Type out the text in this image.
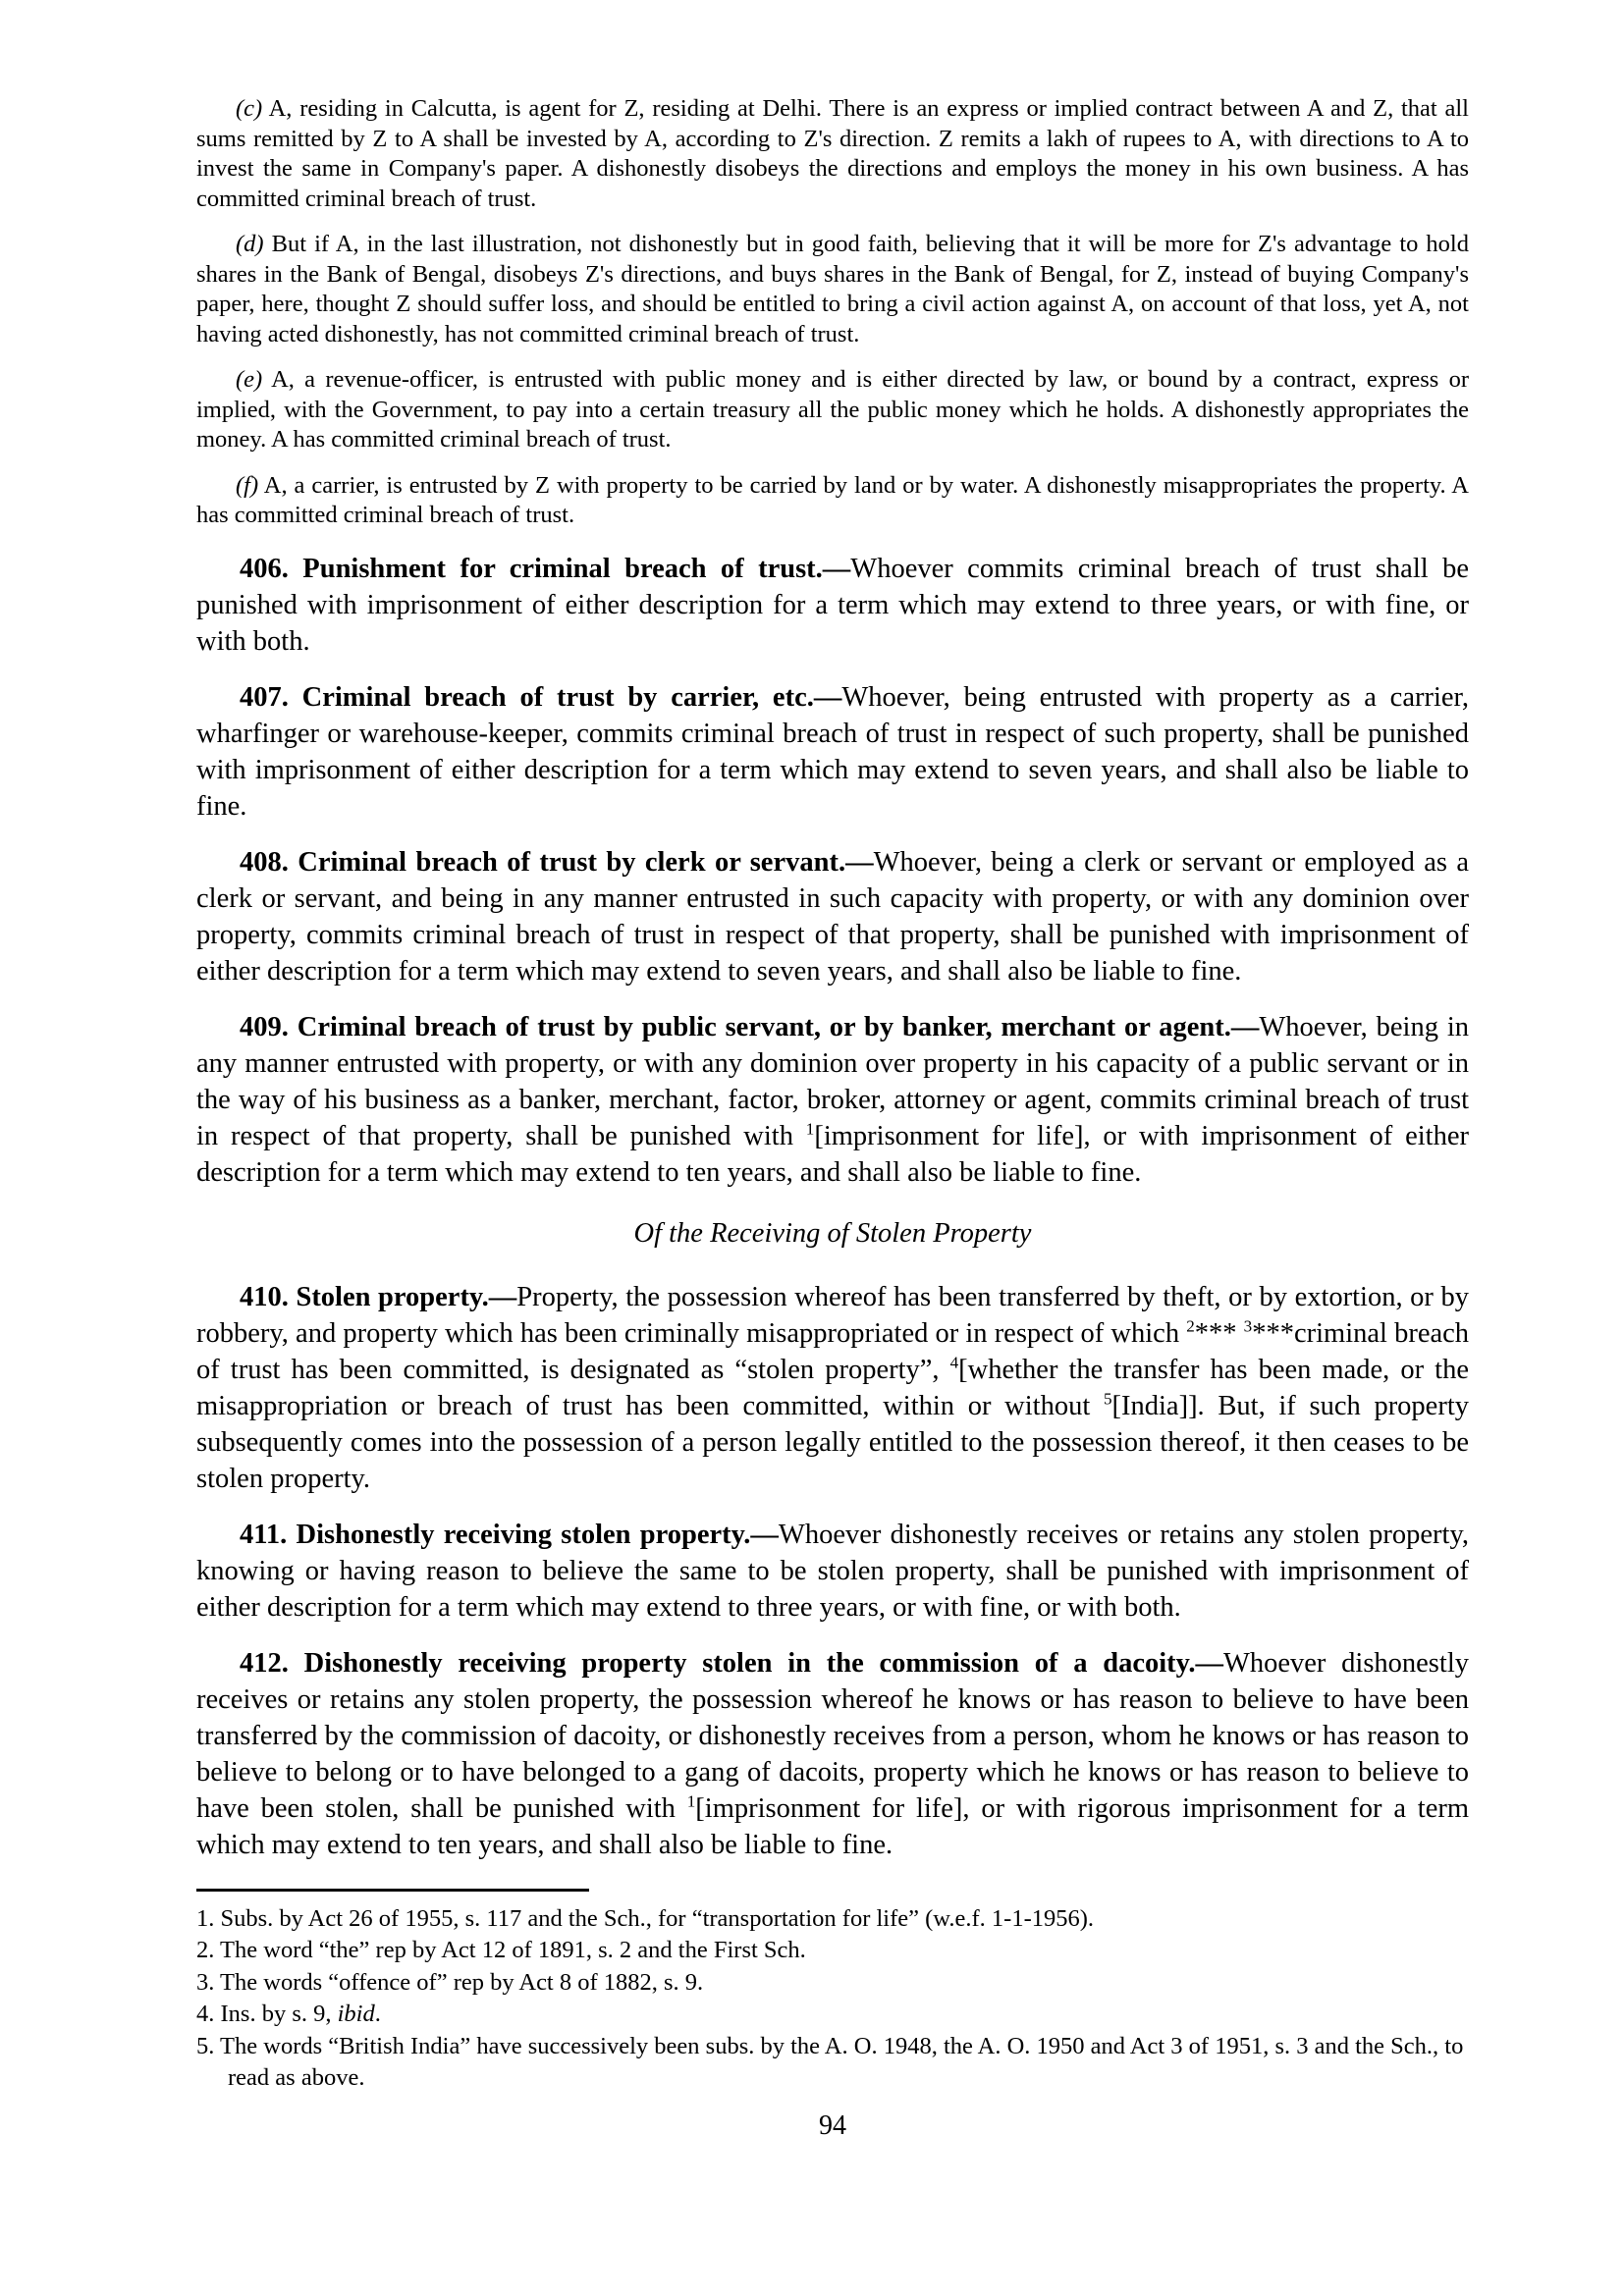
(c) A, residing in Calcutta, is agent for Z, residing at Delhi. There is an express or implied contract between A and Z, that all sums remitted by Z to A shall be invested by A, according to Z's direction. Z remits a lakh of rupees to A, with directions to A to invest the same in Company's paper. A dishonestly disobeys the directions and employs the money in his own business. A has committed criminal breach of trust.

(d) But if A, in the last illustration, not dishonestly but in good faith, believing that it will be more for Z's advantage to hold shares in the Bank of Bengal, disobeys Z's directions, and buys shares in the Bank of Bengal, for Z, instead of buying Company's paper, here, thought Z should suffer loss, and should be entitled to bring a civil action against A, on account of that loss, yet A, not having acted dishonestly, has not committed criminal breach of trust.

(e) A, a revenue-officer, is entrusted with public money and is either directed by law, or bound by a contract, express or implied, with the Government, to pay into a certain treasury all the public money which he holds. A dishonestly appropriates the money. A has committed criminal breach of trust.

(f) A, a carrier, is entrusted by Z with property to be carried by land or by water. A dishonestly misappropriates the property. A has committed criminal breach of trust.

406. Punishment for criminal breach of trust.—Whoever commits criminal breach of trust shall be punished with imprisonment of either description for a term which may extend to three years, or with fine, or with both.

407. Criminal breach of trust by carrier, etc.—Whoever, being entrusted with property as a carrier, wharfinger or warehouse-keeper, commits criminal breach of trust in respect of such property, shall be punished with imprisonment of either description for a term which may extend to seven years, and shall also be liable to fine.

408. Criminal breach of trust by clerk or servant.—Whoever, being a clerk or servant or employed as a clerk or servant, and being in any manner entrusted in such capacity with property, or with any dominion over property, commits criminal breach of trust in respect of that property, shall be punished with imprisonment of either description for a term which may extend to seven years, and shall also be liable to fine.

409. Criminal breach of trust by public servant, or by banker, merchant or agent.—Whoever, being in any manner entrusted with property, or with any dominion over property in his capacity of a public servant or in the way of his business as a banker, merchant, factor, broker, attorney or agent, commits criminal breach of trust in respect of that property, shall be punished with $^1$[imprisonment for life], or with imprisonment of either description for a term which may extend to ten years, and shall also be liable to fine.

Of the Receiving of Stolen Property

410. Stolen property.—Property, the possession whereof has been transferred by theft, or by extortion, or by robbery, and property which has been criminally misappropriated or in respect of which $^2$*** $^3$***criminal breach of trust has been committed, is designated as “stolen property”, $^4$[whether the transfer has been made, or the misappropriation or breach of trust has been committed, within or without $^5$[India]]. But, if such property subsequently comes into the possession of a person legally entitled to the possession thereof, it then ceases to be stolen property.

411. Dishonestly receiving stolen property.—Whoever dishonestly receives or retains any stolen property, knowing or having reason to believe the same to be stolen property, shall be punished with imprisonment of either description for a term which may extend to three years, or with fine, or with both.

412. Dishonestly receiving property stolen in the commission of a dacoity.—Whoever dishonestly receives or retains any stolen property, the possession whereof he knows or has reason to believe to have been transferred by the commission of dacoity, or dishonestly receives from a person, whom he knows or has reason to believe to belong or to have belonged to a gang of dacoits, property which he knows or has reason to believe to have been stolen, shall be punished with $^1$[imprisonment for life], or with rigorous imprisonment for a term which may extend to ten years, and shall also be liable to fine.

1. Subs. by Act 26 of 1955, s. 117 and the Sch., for “transportation for life” (w.e.f. 1-1-1956).

2. The word “the” rep by Act 12 of 1891, s. 2 and the First Sch.

3. The words “offence of” rep by Act 8 of 1882, s. 9.

4. Ins. by s. 9, ibid.

5. The words “British India” have successively been subs. by the A. O. 1948, the A. O. 1950 and Act 3 of 1951, s. 3 and the Sch., to read as above.

94
